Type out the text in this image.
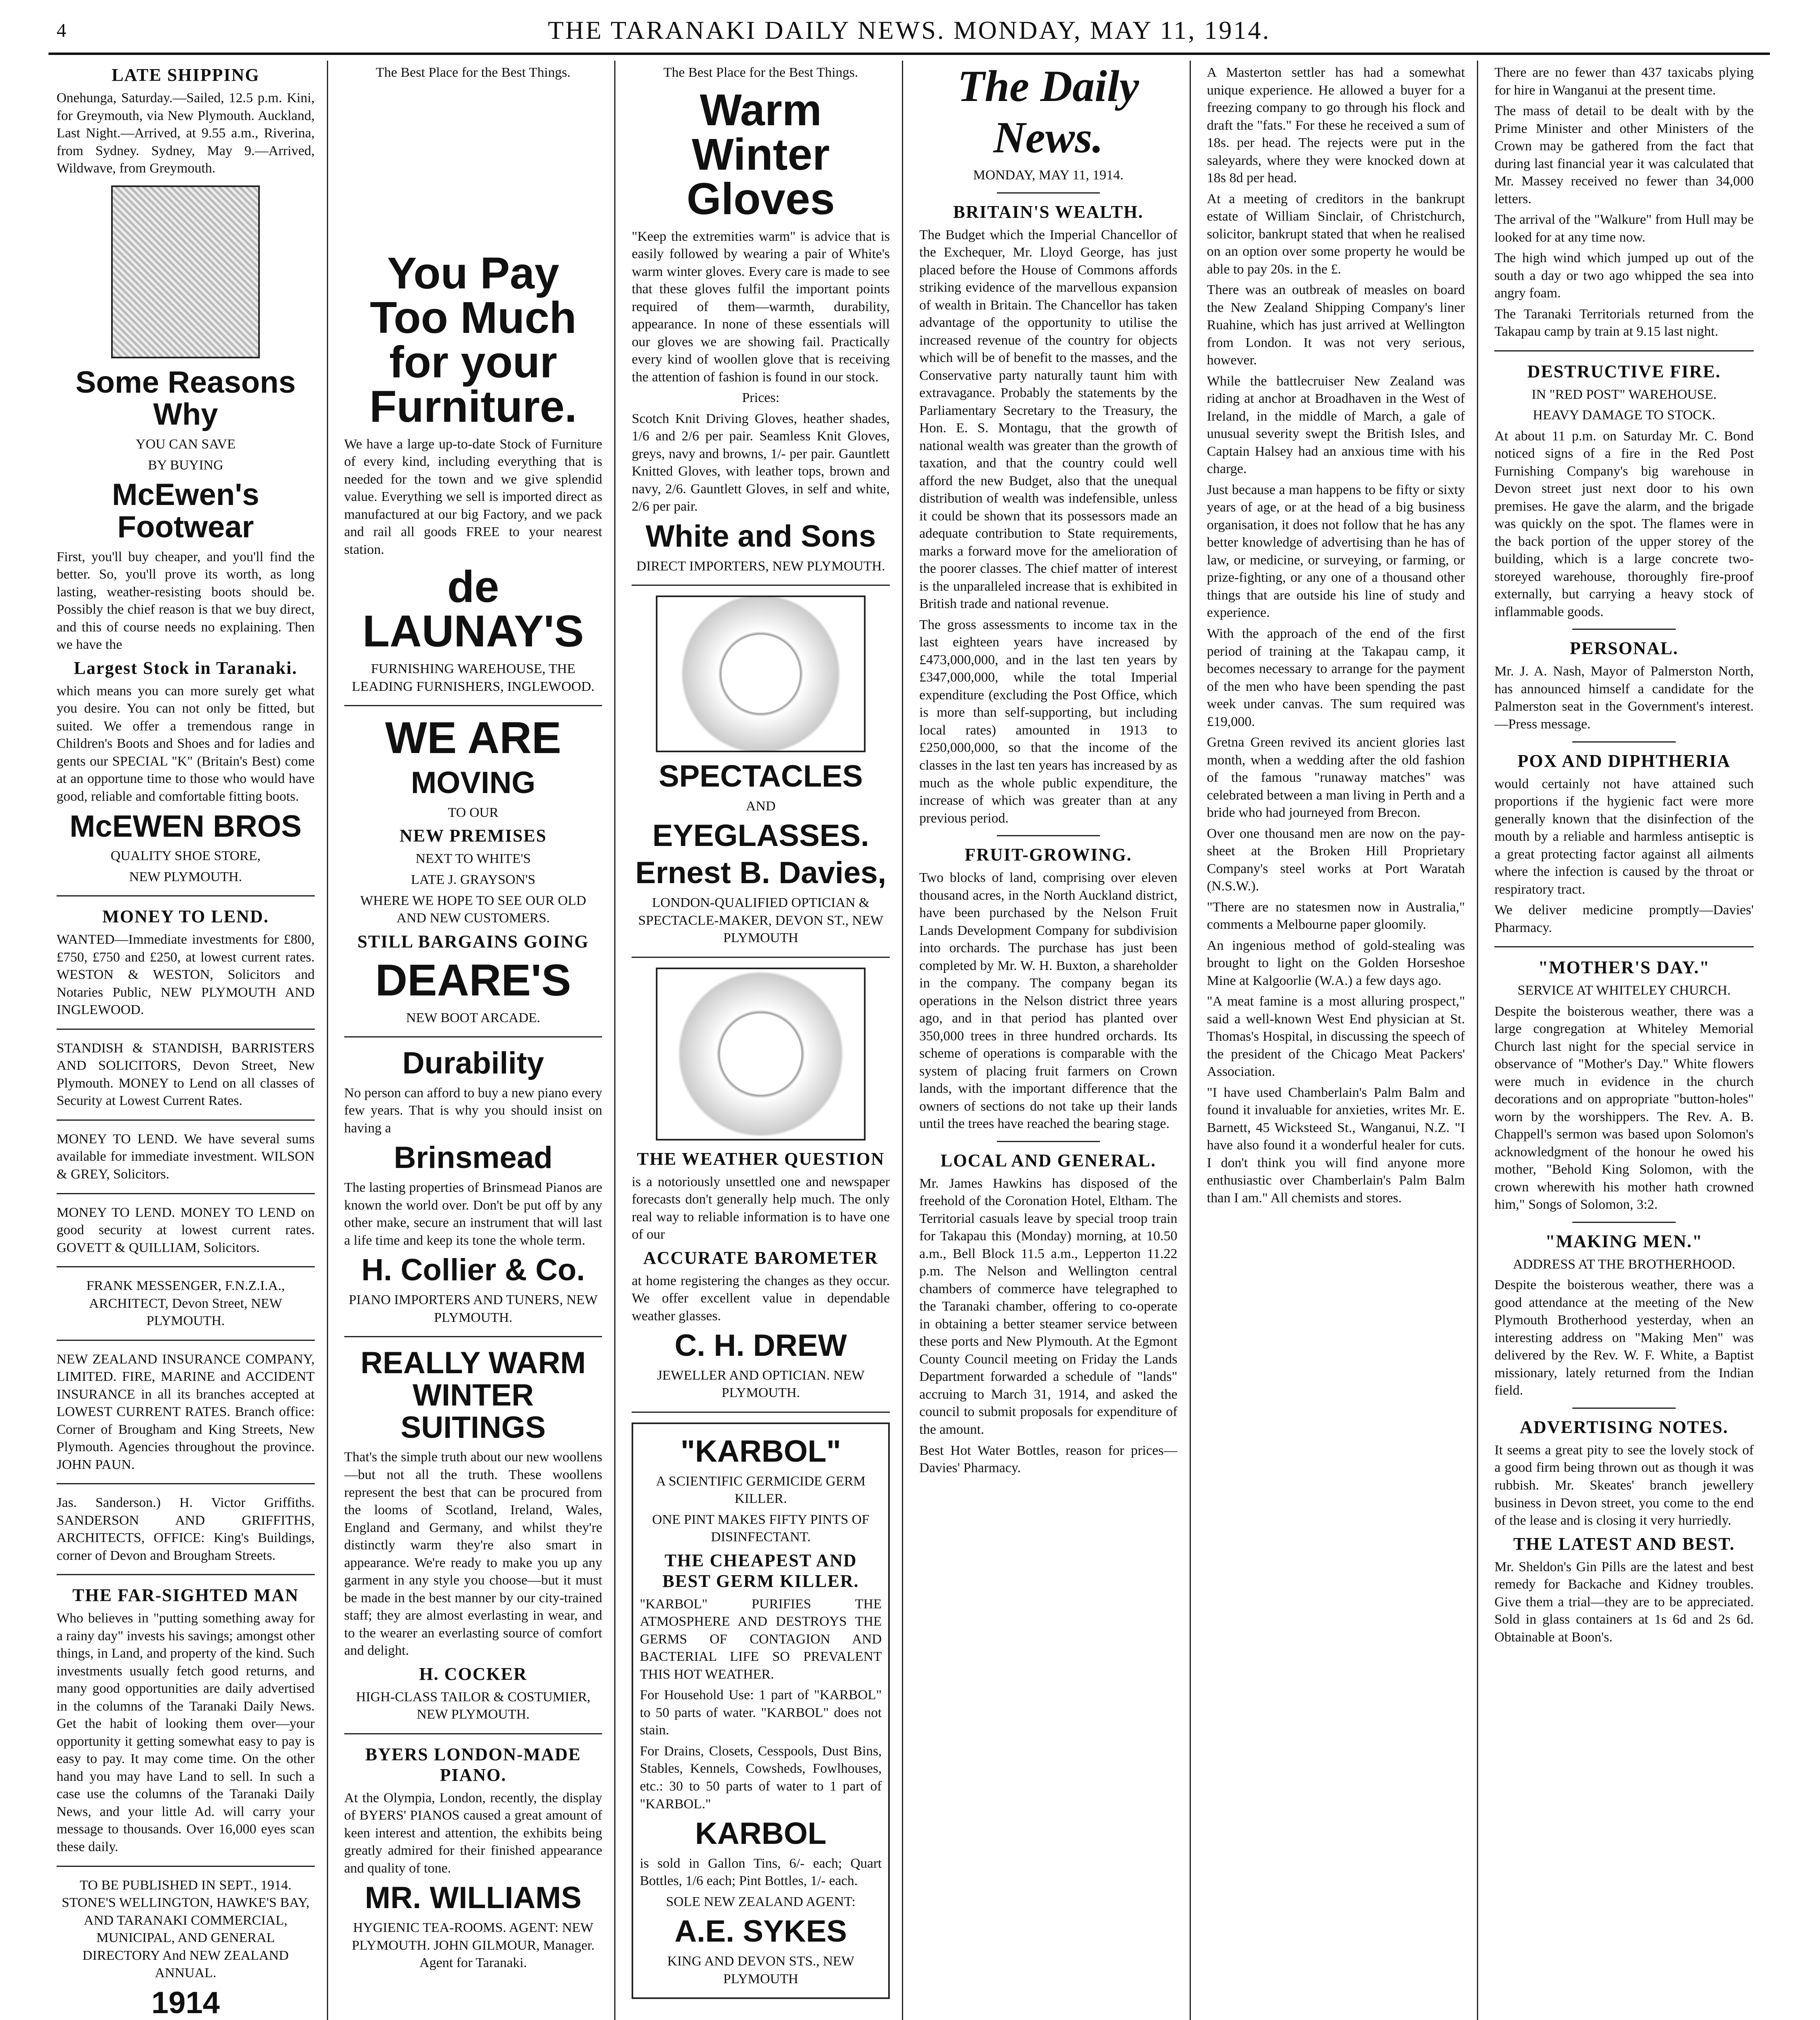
4	THE TARANAKI DAILY NEWS. MONDAY, MAY 11, 1914.
LATE SHIPPING
Onehunga, Saturday.—Sailed, 12.5 p.m. Kini, for Greymouth, via New Plymouth. Auckland, Last Night.—Arrived, at 9.55 a.m., Riverina, from Sydney. Sydney, May 9.—Arrived, Wildwave, from Greymouth.
Some Reasons Why
YOU CAN SAVE
BY BUYING
McEwen's Footwear
First, you'll buy cheaper, and you'll find the better. So, you'll prove its worth, as long lasting, weather-resisting boots should be. Possibly the chief reason is that we buy direct, and this of course needs no explaining. Then we have the
Largest Stock in Taranaki.
which means you can more surely get what you desire. You can not only be fitted, but suited. We offer a tremendous range in Children's Boots and Shoes and for ladies and gents our SPECIAL "K" (Britain's Best) come at an opportune time to those who would have good, reliable and comfortable fitting boots.
McEWEN BROS
QUALITY SHOE STORE,
NEW PLYMOUTH.
MONEY TO LEND.
WANTED—Immediate investments for £800, £750, £750 and £250, at lowest current rates. WESTON & WESTON, Solicitors and Notaries Public, NEW PLYMOUTH AND INGLEWOOD.
STANDISH & STANDISH, BARRISTERS AND SOLICITORS, Devon Street, New Plymouth. MONEY to Lend on all classes of Security at Lowest Current Rates.
MONEY TO LEND. We have several sums available for immediate investment. WILSON & GREY, Solicitors.
MONEY TO LEND. MONEY TO LEND on good security at lowest current rates. GOVETT & QUILLIAM, Solicitors.
FRANK MESSENGER, F.N.Z.I.A., ARCHITECT, Devon Street, NEW PLYMOUTH.
NEW ZEALAND INSURANCE COMPANY, LIMITED. FIRE, MARINE and ACCIDENT INSURANCE in all its branches accepted at LOWEST CURRENT RATES. Branch office: Corner of Brougham and King Streets, New Plymouth. Agencies throughout the province. JOHN PAUN.
Jas. Sanderson.) H. Victor Griffiths. SANDERSON AND GRIFFITHS, ARCHITECTS, OFFICE: King's Buildings, corner of Devon and Brougham Streets.
THE FAR-SIGHTED MAN
Who believes in "putting something away for a rainy day" invests his savings; amongst other things, in Land, and property of the kind. Such investments usually fetch good returns, and many good opportunities are daily advertised in the columns of the Taranaki Daily News. Get the habit of looking them over—your opportunity it getting somewhat easy to pay is easy to pay. It may come time. On the other hand you may have Land to sell. In such a case use the columns of the Taranaki Daily News, and your little Ad. will carry your message to thousands. Over 16,000 eyes scan these daily.
TO BE PUBLISHED IN SEPT., 1914. STONE'S WELLINGTON, HAWKE'S BAY, AND TARANAKI COMMERCIAL, MUNICIPAL, AND GENERAL DIRECTORY And NEW ZEALAND ANNUAL.
1914
The Best Place for the Best Things.
You Pay Too Much for your Furniture.
We have a large up-to-date Stock of Furniture of every kind, including everything that is needed for the town and we give splendid value. Everything we sell is imported direct as manufactured at our big Factory, and we pack and rail all goods FREE to your nearest station.
de LAUNAY'S
FURNISHING WAREHOUSE, THE LEADING FURNISHERS, INGLEWOOD.
WE ARE
MOVING
TO OUR
NEW PREMISES
NEXT TO WHITE'S
LATE J. GRAYSON'S
WHERE WE HOPE TO SEE OUR OLD AND NEW CUSTOMERS.
STILL BARGAINS GOING
DEARE'S
NEW BOOT ARCADE.
Durability
No person can afford to buy a new piano every few years. That is why you should insist on having a
Brinsmead
The lasting properties of Brinsmead Pianos are known the world over. Don't be put off by any other make, secure an instrument that will last a life time and keep its tone the whole term.
H. Collier & Co.
PIANO IMPORTERS AND TUNERS, NEW PLYMOUTH.
REALLY WARM WINTER SUITINGS
That's the simple truth about our new woollens—but not all the truth. These woollens represent the best that can be procured from the looms of Scotland, Ireland, Wales, England and Germany, and whilst they're distinctly warm they're also smart in appearance. We're ready to make you up any garment in any style you choose—but it must be made in the best manner by our city-trained staff; they are almost everlasting in wear, and to the wearer an everlasting source of comfort and delight.
H. COCKER
HIGH-CLASS TAILOR & COSTUMIER, NEW PLYMOUTH.
BYERS LONDON-MADE PIANO.
At the Olympia, London, recently, the display of BYERS' PIANOS caused a great amount of keen interest and attention, the exhibits being greatly admired for their finished appearance and quality of tone.
MR. WILLIAMS
HYGIENIC TEA-ROOMS. AGENT: NEW PLYMOUTH. JOHN GILMOUR, Manager. Agent for Taranaki.
The Best Place for the Best Things.
Warm Winter Gloves
"Keep the extremities warm" is advice that is easily followed by wearing a pair of White's warm winter gloves. Every care is made to see that these gloves fulfil the important points required of them—warmth, durability, appearance. In none of these essentials will our gloves we are showing fail. Practically every kind of woollen glove that is receiving the attention of fashion is found in our stock.
Prices:
Scotch Knit Driving Gloves, heather shades, 1/6 and 2/6 per pair. Seamless Knit Gloves, greys, navy and browns, 1/- per pair. Gauntlett Knitted Gloves, with leather tops, brown and navy, 2/6. Gauntlett Gloves, in self and white, 2/6 per pair.
White and Sons
DIRECT IMPORTERS, NEW PLYMOUTH.
SPECTACLES
AND
EYEGLASSES.
Ernest B. Davies,
LONDON-QUALIFIED OPTICIAN & SPECTACLE-MAKER, DEVON ST., NEW PLYMOUTH
THE WEATHER QUESTION
is a notoriously unsettled one and newspaper forecasts don't generally help much. The only real way to reliable information is to have one of our
ACCURATE BAROMETER
at home registering the changes as they occur. We offer excellent value in dependable weather glasses.
C. H. DREW
JEWELLER AND OPTICIAN. NEW PLYMOUTH.
"KARBOL"
A SCIENTIFIC GERMICIDE GERM KILLER.
ONE PINT MAKES FIFTY PINTS OF DISINFECTANT.
THE CHEAPEST AND BEST GERM KILLER.
"KARBOL" PURIFIES THE ATMOSPHERE AND DESTROYS THE GERMS OF CONTAGION AND BACTERIAL LIFE SO PREVALENT THIS HOT WEATHER.
For Household Use: 1 part of "KARBOL" to 50 parts of water. "KARBOL" does not stain.
For Drains, Closets, Cesspools, Dust Bins, Stables, Kennels, Cowsheds, Fowlhouses, etc.: 30 to 50 parts of water to 1 part of "KARBOL."
KARBOL
is sold in Gallon Tins, 6/- each; Quart Bottles, 1/6 each; Pint Bottles, 1/- each.
SOLE NEW ZEALAND AGENT:
A.E. SYKES
KING AND DEVON STS., NEW PLYMOUTH
The Daily News.
MONDAY, MAY 11, 1914.
BRITAIN'S WEALTH.
The Budget which the Imperial Chancellor of the Exchequer, Mr. Lloyd George, has just placed before the House of Commons affords striking evidence of the marvellous expansion of wealth in Britain. The Chancellor has taken advantage of the opportunity to utilise the increased revenue of the country for objects which will be of benefit to the masses, and the Conservative party naturally taunt him with extravagance. Probably the statements by the Parliamentary Secretary to the Treasury, the Hon. E. S. Montagu, that the growth of national wealth was greater than the growth of taxation, and that the country could well afford the new Budget, also that the unequal distribution of wealth was indefensible, unless it could be shown that its possessors made an adequate contribution to State requirements, marks a forward move for the amelioration of the poorer classes. The chief matter of interest is the unparalleled increase that is exhibited in British trade and national revenue.
The gross assessments to income tax in the last eighteen years have increased by £473,000,000, and in the last ten years by £347,000,000, while the total Imperial expenditure (excluding the Post Office, which is more than self-supporting, but including local rates) amounted in 1913 to £250,000,000, so that the income of the classes in the last ten years has increased by as much as the whole public expenditure, the increase of which was greater than at any previous period.
FRUIT-GROWING.
Two blocks of land, comprising over eleven thousand acres, in the North Auckland district, have been purchased by the Nelson Fruit Lands Development Company for subdivision into orchards. The purchase has just been completed by Mr. W. H. Buxton, a shareholder in the company. The company began its operations in the Nelson district three years ago, and in that period has planted over 350,000 trees in three hundred orchards. Its scheme of operations is comparable with the system of placing fruit farmers on Crown lands, with the important difference that the owners of sections do not take up their lands until the trees have reached the bearing stage.
LOCAL AND GENERAL.
Mr. James Hawkins has disposed of the freehold of the Coronation Hotel, Eltham. The Territorial casuals leave by special troop train for Takapau this (Monday) morning, at 10.50 a.m., Bell Block 11.5 a.m., Lepperton 11.22 p.m. The Nelson and Wellington central chambers of commerce have telegraphed to the Taranaki chamber, offering to co-operate in obtaining a better steamer service between these ports and New Plymouth. At the Egmont County Council meeting on Friday the Lands Department forwarded a schedule of "lands" accruing to March 31, 1914, and asked the council to submit proposals for expenditure of the amount.
Best Hot Water Bottles, reason for prices—Davies' Pharmacy.
A Masterton settler has had a somewhat unique experience. He allowed a buyer for a freezing company to go through his flock and draft the "fats." For these he received a sum of 18s. per head. The rejects were put in the saleyards, where they were knocked down at 18s 8d per head.
At a meeting of creditors in the bankrupt estate of William Sinclair, of Christchurch, solicitor, bankrupt stated that when he realised on an option over some property he would be able to pay 20s. in the £.
There was an outbreak of measles on board the New Zealand Shipping Company's liner Ruahine, which has just arrived at Wellington from London. It was not very serious, however.
While the battlecruiser New Zealand was riding at anchor at Broadhaven in the West of Ireland, in the middle of March, a gale of unusual severity swept the British Isles, and Captain Halsey had an anxious time with his charge.
Just because a man happens to be fifty or sixty years of age, or at the head of a big business organisation, it does not follow that he has any better knowledge of advertising than he has of law, or medicine, or surveying, or farming, or prize-fighting, or any one of a thousand other things that are outside his line of study and experience.
With the approach of the end of the first period of training at the Takapau camp, it becomes necessary to arrange for the payment of the men who have been spending the past week under canvas. The sum required was £19,000.
Gretna Green revived its ancient glories last month, when a wedding after the old fashion of the famous "runaway matches" was celebrated between a man living in Perth and a bride who had journeyed from Brecon.
Over one thousand men are now on the pay-sheet at the Broken Hill Proprietary Company's steel works at Port Waratah (N.S.W.).
"There are no statesmen now in Australia," comments a Melbourne paper gloomily.
An ingenious method of gold-stealing was brought to light on the Golden Horseshoe Mine at Kalgoorlie (W.A.) a few days ago.
"A meat famine is a most alluring prospect," said a well-known West End physician at St. Thomas's Hospital, in discussing the speech of the president of the Chicago Meat Packers' Association.
"I have used Chamberlain's Palm Balm and found it invaluable for anxieties, writes Mr. E. Barnett, 45 Wicksteed St., Wanganui, N.Z. "I have also found it a wonderful healer for cuts. I don't think you will find anyone more enthusiastic over Chamberlain's Palm Balm than I am." All chemists and stores.
There are no fewer than 437 taxicabs plying for hire in Wanganui at the present time.
The mass of detail to be dealt with by the Prime Minister and other Ministers of the Crown may be gathered from the fact that during last financial year it was calculated that Mr. Massey received no fewer than 34,000 letters.
The arrival of the "Walkure" from Hull may be looked for at any time now.
The high wind which jumped up out of the south a day or two ago whipped the sea into angry foam.
The Taranaki Territorials returned from the Takapau camp by train at 9.15 last night.
DESTRUCTIVE FIRE.
IN "RED POST" WAREHOUSE.
HEAVY DAMAGE TO STOCK.
At about 11 p.m. on Saturday Mr. C. Bond noticed signs of a fire in the Red Post Furnishing Company's big warehouse in Devon street just next door to his own premises. He gave the alarm, and the brigade was quickly on the spot. The flames were in the back portion of the upper storey of the building, which is a large concrete two-storeyed warehouse, thoroughly fire-proof externally, but carrying a heavy stock of inflammable goods.
PERSONAL.
Mr. J. A. Nash, Mayor of Palmerston North, has announced himself a candidate for the Palmerston seat in the Government's interest.—Press message.
POX AND DIPHTHERIA
would certainly not have attained such proportions if the hygienic fact were more generally known that the disinfection of the mouth by a reliable and harmless antiseptic is a great protecting factor against all ailments where the infection is caused by the throat or respiratory tract.
We deliver medicine promptly—Davies' Pharmacy.
"MOTHER'S DAY."
SERVICE AT WHITELEY CHURCH.
Despite the boisterous weather, there was a large congregation at Whiteley Memorial Church last night for the special service in observance of "Mother's Day." White flowers were much in evidence in the church decorations and on appropriate "button-holes" worn by the worshippers. The Rev. A. B. Chappell's sermon was based upon Solomon's acknowledgment of the honour he owed his mother, "Behold King Solomon, with the crown wherewith his mother hath crowned him," Songs of Solomon, 3:2.
"MAKING MEN."
ADDRESS AT THE BROTHERHOOD.
Despite the boisterous weather, there was a good attendance at the meeting of the New Plymouth Brotherhood yesterday, when an interesting address on "Making Men" was delivered by the Rev. W. F. White, a Baptist missionary, lately returned from the Indian field.
ADVERTISING NOTES.
It seems a great pity to see the lovely stock of a good firm being thrown out as though it was rubbish. Mr. Skeates' branch jewellery business in Devon street, you come to the end of the lease and is closing it very hurriedly.
THE LATEST AND BEST.
Mr. Sheldon's Gin Pills are the latest and best remedy for Backache and Kidney troubles. Give them a trial—they are to be appreciated. Sold in glass containers at 1s 6d and 2s 6d. Obtainable at Boon's.
